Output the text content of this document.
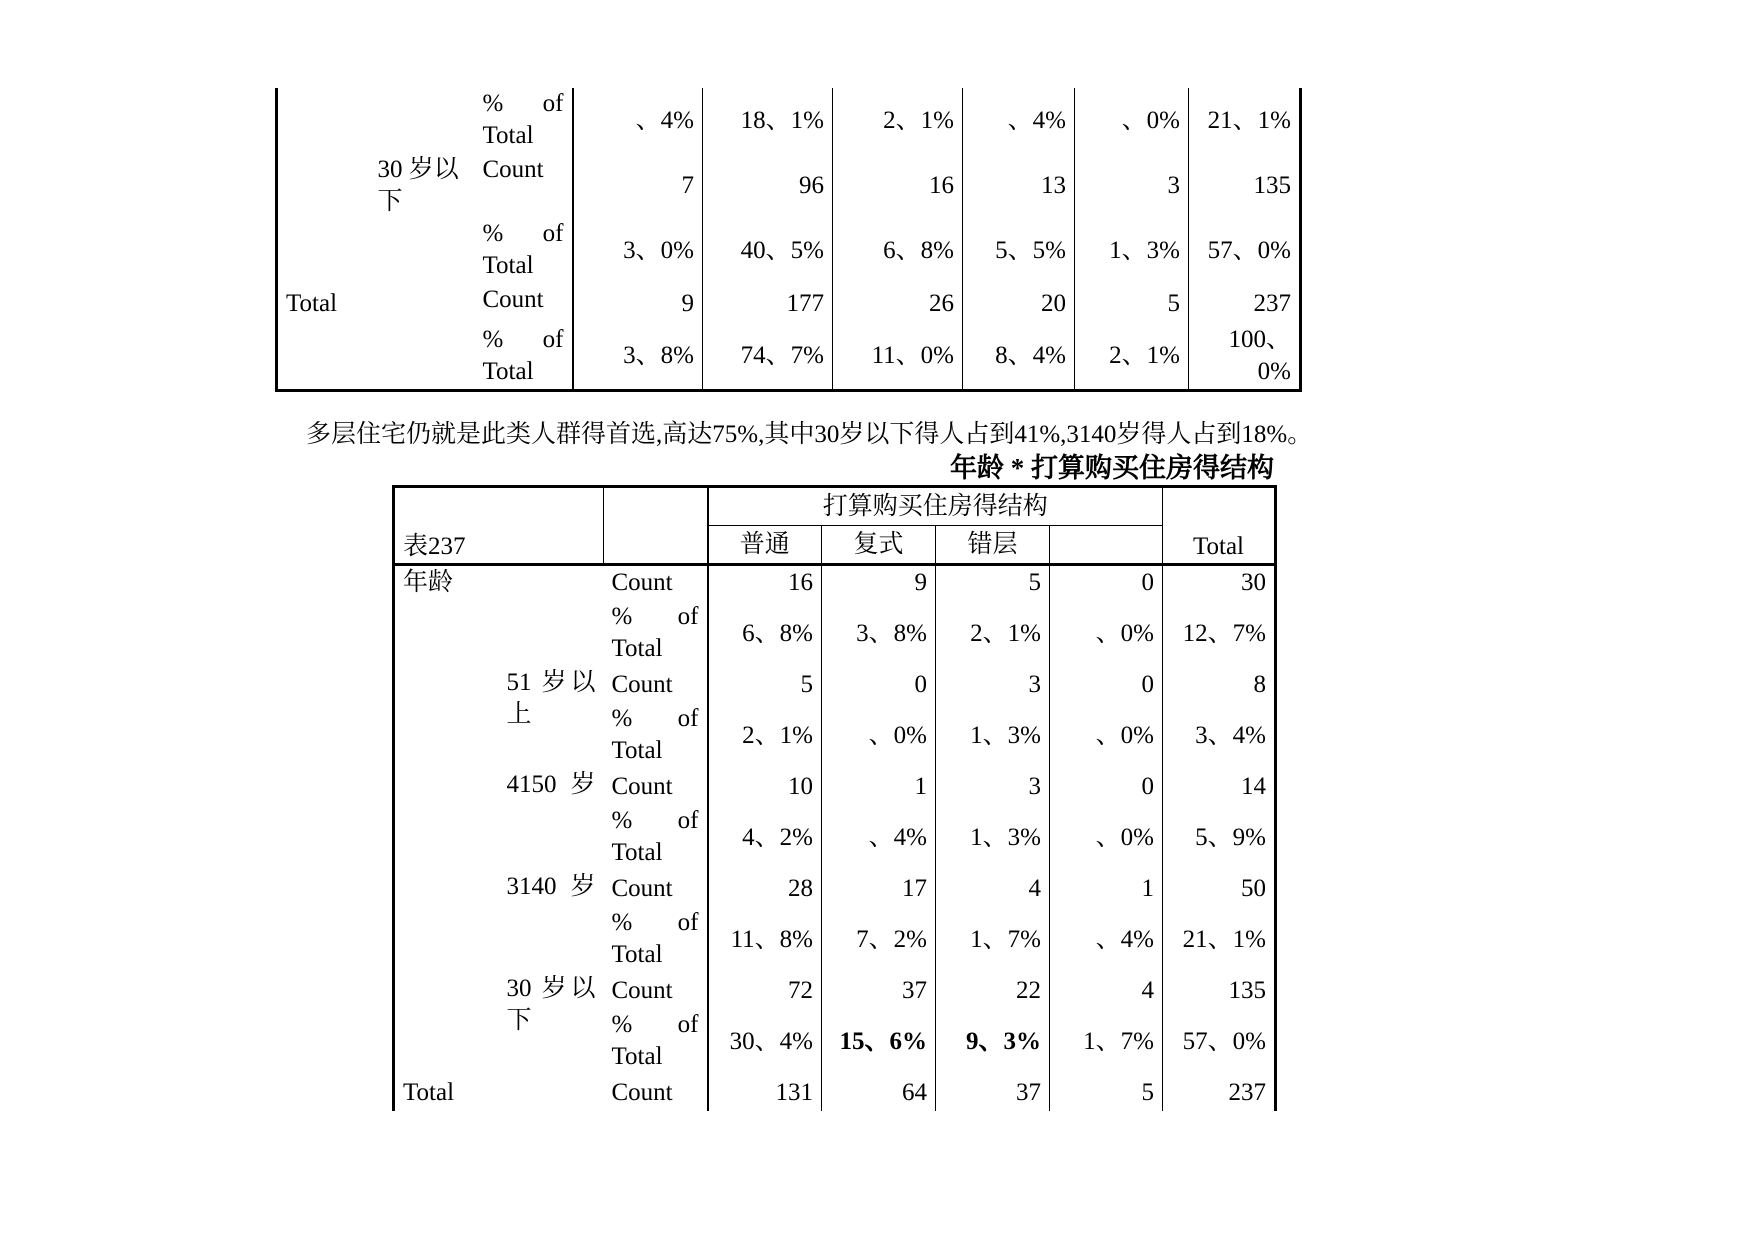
		% of Total	、4%	18、1%	2、1%	、4%	、0%	21、1%
	30 岁以下	Count	7	96	16	13	3	135
		% of Total	3、0%	40、5%	6、8%	5、5%	1、3%	57、0%
Total		Count	9	177	26	20	5	237
		% of Total	3、8%	74、7%	11、0%	8、4%	2、1%	100、0%
多层住宅仍就是此类人群得首选,高达75%,其中30岁以下得人占到41%,3140岁得人占到18%。
年龄 * 打算购买住房得结构
表237			打算购买住房得结构				Total
			普通	复式	错层		
年龄		Count	16	9	5	0	30
		% of Total	6、8%	3、8%	2、1%	、0%	12、7%
	51 岁以上	Count	5	0	3	0	8
		% of Total	2、1%	、0%	1、3%	、0%	3、4%
	4150岁	Count	10	1	3	0	14
		% of Total	4、2%	、4%	1、3%	、0%	5、9%
	3140岁	Count	28	17	4	1	50
		% of Total	11、8%	7、2%	1、7%	、4%	21、1%
	30 岁以下	Count	72	37	22	4	135
		% of Total	30、4%	15、6%	9、3%	1、7%	57、0%
Total		Count	131	64	37	5	237
